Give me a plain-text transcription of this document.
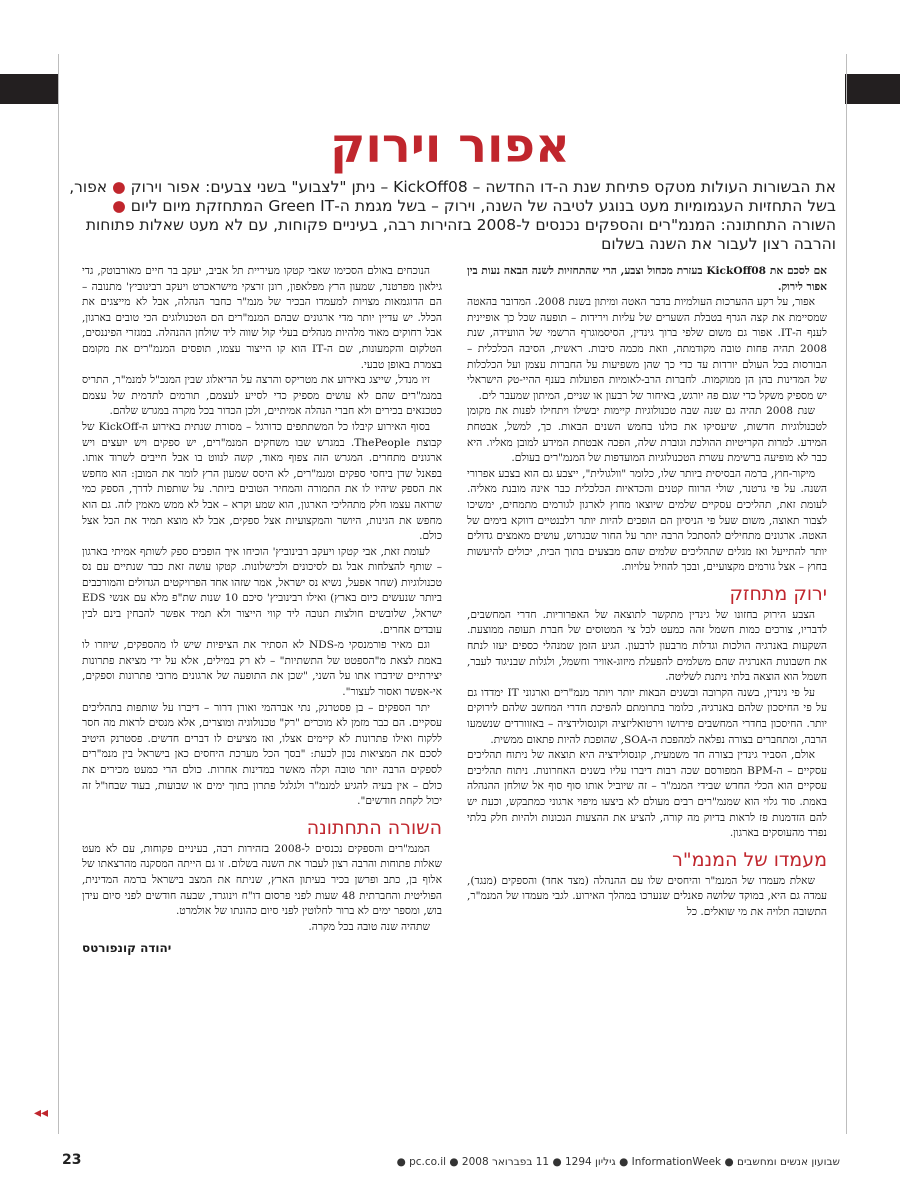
אפור וירוק
את הבשורות העולות מטקס פתיחת שנת ה-דו החדשה – KickOff08 – ניתן "לצבוע" בשני צבעים: אפור וירוק ● אפור, בשל התחזיות העגמומיות מעט בנוגע לטיבה של השנה, וירוק – בשל מגמת ה-Green IT המתחזקת מיום ליום ● השורה התחתונה: המנמ"רים והספקים נכנסים ל-2008 בזהירות רבה, בעיניים פקוחות, עם לא מעט שאלות פתוחות והרבה רצון לעבור את השנה בשלום

אם לסכם את KickOff08 בעזרת מכחול וצבע, הרי שהתחזיות לשנה הבאה נעות בין אפור לירוק.

אפור, על רקע ההערכות העולמיות בדבר האטה ומיתון בשנת 2008. המדובר בהאטה שמסיימת את קצה הגרף בטבלת השערים של עליות וירידות – תופעה שכל כך אופיינית לענף ה-IT. אפור גם משום שלפי ברוך גינדין, הסיסמוגרף הרשמי של הוועידה, שנת 2008 תהיה פחות טובה מקודמתה, וזאת מכמה סיבות. ראשית, הסיבה הכלכלית – הבורסות בכל העולם יורדות עד כדי כך שהן משפיעות על החברות עצמן ועל הכלכלות של המדינות בהן הן ממוקמות. לחברות הרב-לאומיות הפועלות בענף ההיי-טק הישראלי יש מספיק משקל כדי שגם פה יורגש, באיחור של רבעון או שניים, המיתון שמעבר לים.

שנת 2008 תהיה גם שנה שבה טכנולוגיות קיימות יבשילו ויתחילו לפנות את מקומן לטכנולוגיות חדשות, שיעסיקו את כולנו בחמש השנים הבאות. כך, למשל, אבטחת המידע. למרות הקריטיות ההולכת וגוברת שלה, הפכה אבטחת המידע למובן מאליו. היא כבר לא מופיעה ברשימת עשרת הטכנולוגיות המועדפות של המנמ"רים בעולם.

מיקור-חוץ, ברמה הבסיסית ביותר שלו, כלומר "וולגולית", ייצבע גם הוא בצבע אפרורי השנה. על פי גרטנר, שולי הרווח קטנים והכדאיות הכלכלית כבר אינה מובנת מאליה. לעומת זאת, תהליכים עסקיים שלמים שיוצאו מחוץ לארגון לגורמים מתמחים, ימשיכו לצבור תאוצה, משום שעל פי הניסיון הם הופכים להיות יותר רלבנטיים דווקא בימים של האטה. ארגונים מתחילים להסתכל הרבה יותר על החור שבגרוש, עושים מאמצים גדולים יותר להתייעל ואז מגלים שתהליכים שלמים שהם מבצעים בתוך הבית, יכולים להיעשות בחוץ – אצל גורמים מקצועיים, ובכך להוזיל עלויות.

ירוק מתחזק

הצבע הירוק בחזונו של גינדין מתקשר לתוצאה של האפרוריות. חדרי המחשבים, לדבריו, צורכים כמות חשמל זהה כמעט לכל צי המטוסים של חברת תעופה ממוצעת. השקעות באנרגיה הולכות וגדלות מרבעון לרבעון. הגיע הזמן שמנהלי כספים יעזו לנתח את חשבונות האנרגיה שהם משלמים להפעלת מיזוג-אוויר וחשמל, ולגלות שבניגוד לעבר, חשמל הוא הוצאה בלתי ניתנת לשליטה.

על פי גינדין, בשנה הקרובה ובשנים הבאות יותר ויותר מנמ"רים וארגוני IT ימדדו גם על פי החיסכון שלהם באנרגיה, כלומר בתרומתם להפיכת חדרי המחשב שלהם לירוקים יותר. החיסכון בחדרי המחשבים פירושו וירטואליזציה וקונסולידציה – באזוורדים שנשמעו הרבה, ומתחברים בצורה נפלאה למהפכת ה-SOA, שהופכת להיות פתאום ממשית.

אולם, הסביר גינדין בצורה חד משמעית, קונסולידציה היא תוצאה של ניתוח תהליכים עסקיים – ה-BPM המפורסם שכה רבות דיברו עליו בשנים האחרונות. ניתוח תהליכים עסקיים הוא הכלי החדש שבידי המנמ"ר – זה שיוביל אותו סוף סוף אל שולחן ההנהלה באמת. סוד גלוי הוא שמנמ"רים רבים מעולם לא ביצעו מיפוי ארגוני כמתבקש, וכעת יש להם הזדמנות פז לראות בדיוק מה קורה, להציע את ההצעות הנכונות ולהיות חלק בלתי נפרד מהעוסקים בארגון.

מעמדו של המנמ"ר

שאלת מעמדו של המנמ"ר והיחסים שלו עם ההנהלה (מצד אחד) והספקים (מנגד), עמדה גם היא, במוקד שלושה פאנלים שנערכו במהלך האירוע. לגבי מעמדו של המנמ"ר, התשובה תלויה את מי שואלים. כל

הנוכחים באולם הסכימו שאבי קטקו מעיריית תל אביב, יעקב בר חיים מאורבוטק, גדי גילאון מפרטנר, שמעון הרץ מפלאפון, רונן זרצקי מישראכרט ויעקב רבינוביץ' מתנובה – הם הדוגמאות מצויות למעמדו הבכיר של מנמ"ר כחבר הנהלה, אבל לא מייצגים את הכלל. יש עדיין יותר מדי ארגונים שבהם המנמ"רים הם הטכנולוגים הכי טובים בארגון, אבל רחוקים מאוד מלהיות מנהלים בעלי קול שווה ליד שולחן ההנהלה. במגזרי הפיננסים, הטלקום והקמעונות, שם ה-IT הוא קו הייצור עצמו, תופסים המנמ"רים את מקומם בצמרת באופן טבעי.

זיו מנדל, שייצג באירוע את מטריקס והרצה על הדיאלוג שבין המנכ"ל למנמ"ר, התריס במנמ"רים שהם לא עושים מספיק כדי לסייע לעצמם, תורמים לתדמית של עצמם כטכנאים בכירים ולא חברי הנהלה אמיתיים, ולכן הכדור בכל מקרה במגרש שלהם.

בסוף האירוע קיבלו כל המשתתפים כדורגל – מסורת שנתית באירוע ה-KickOff של קבוצת ThePeople. במגרש שבו משחקים המנמ"רים, יש ספקים ויש יועצים ויש ארגונים מתחרים. המגרש הזה צפוף מאוד, קשה לנווט בו אבל חייבים לשרוד אותו. בפאנל שדן ביחסי ספקים ומנמ"רים, לא היסס שמעון הרץ לומר את המובן: הוא מחפש את הספק שיהיו לו את התמורה והמחיר הטובים ביותר. על שותפות לדרך, הספק כמי שרואה עצמו חלק מתהליכי הארגון, הוא שמע וקרא – אבל לא ממש מאמין לזה. גם הוא מחפש את הגינות, היושר והמקצועיות אצל ספקים, אבל לא מוצא תמיד את הכל אצל כולם.

לעומת זאת, אבי קטקו ויעקב רבינוביץ' הוכיחו איך הופכים ספק לשותף אמיתי בארגון – שותף להצלחות אבל גם לסיכונים ולכישלונות. קטקו עושה זאת כבר שנתיים עם נס טכנולוגיות (שחר אפעל, נשיא נס ישראל, אמר שזהו אחד הפרויקטים הגדולים והמורכבים ביותר שנעשים כיום בארץ) ואילו רבינוביץ' סיכם 10 שנות שת"פ מלא עם אנשי EDS ישראל, שלובשים חולצות תנובה ליד קווי הייצור ולא תמיד אפשר להבחין בינם לבין עובדים אחרים.

וגם מאיר פורמנסקי מ-NDS לא הסתיר את הציפיות שיש לו מהספקים, שיוזרו לו באמת לצאת מ"הספטט של התשתיות" – לא רק במילים, אלא על ידי מציאת פתרונות יצירתיים שידברו אתו על השני, "שכן את התופעה של ארגונים מרובי פתרונות וספקים, אי-אפשר ואסור לעצור".

יתר הספקים – בן פסטרנק, נתי אברהמי ואורן דרור – דיברו על שותפות בתהליכים עסקיים. הם כבר מזמן לא מוכרים "רק" טכנולוגיה ומוצרים, אלא מנסים לראות מה חסר ללקוח ואילו פתרונות לא קיימים אצלו, ואז מציעים לו דברים חדשים. פסטרנק היטיב לסכם את המציאות נכון לכעת: "בסך הכל מערכת היחסים כאן בישראל בין מנמ"רים לספקים הרבה יותר טובה וקלה מאשר במדינות אחרות. כולם הרי כמעט מכירים את כולם – אין בעיה להגיע למנמ"ר ולגלגל פתרון בתוך ימים או שבועות, בעוד שבחו"ל זה יכול לקחת חודשים".

השורה התחתונה

המנמ"רים והספקים נכנסים ל-2008 בזהירות רבה, בעיניים פקוחות, עם לא מעט שאלות פתוחות והרבה רצון לעבור את השנה בשלום. זו גם הייתה המסקנה מהרצאתו של אלוף בן, כתב ופרשן בכיר בעיתון הארץ, שניתח את המצב בישראל ברמה המדינית, הפוליטית והחברתית 48 שעות לפני פרסום דו"ח וינוגרד, שבעה חודשים לפני סיום עידן בוש, ומספר ימים לא ברור לחלוטין לפני סיום כהונתו של אולמרט.

שתהיה שנה טובה בכל מקרה.

יהודה קונפורטס
◂◂
שבועון אנשים ומחשבים ● InformationWeek ● גיליון 1294 ● 11 בפברואר 2008 ● pc.co.il ●
23
